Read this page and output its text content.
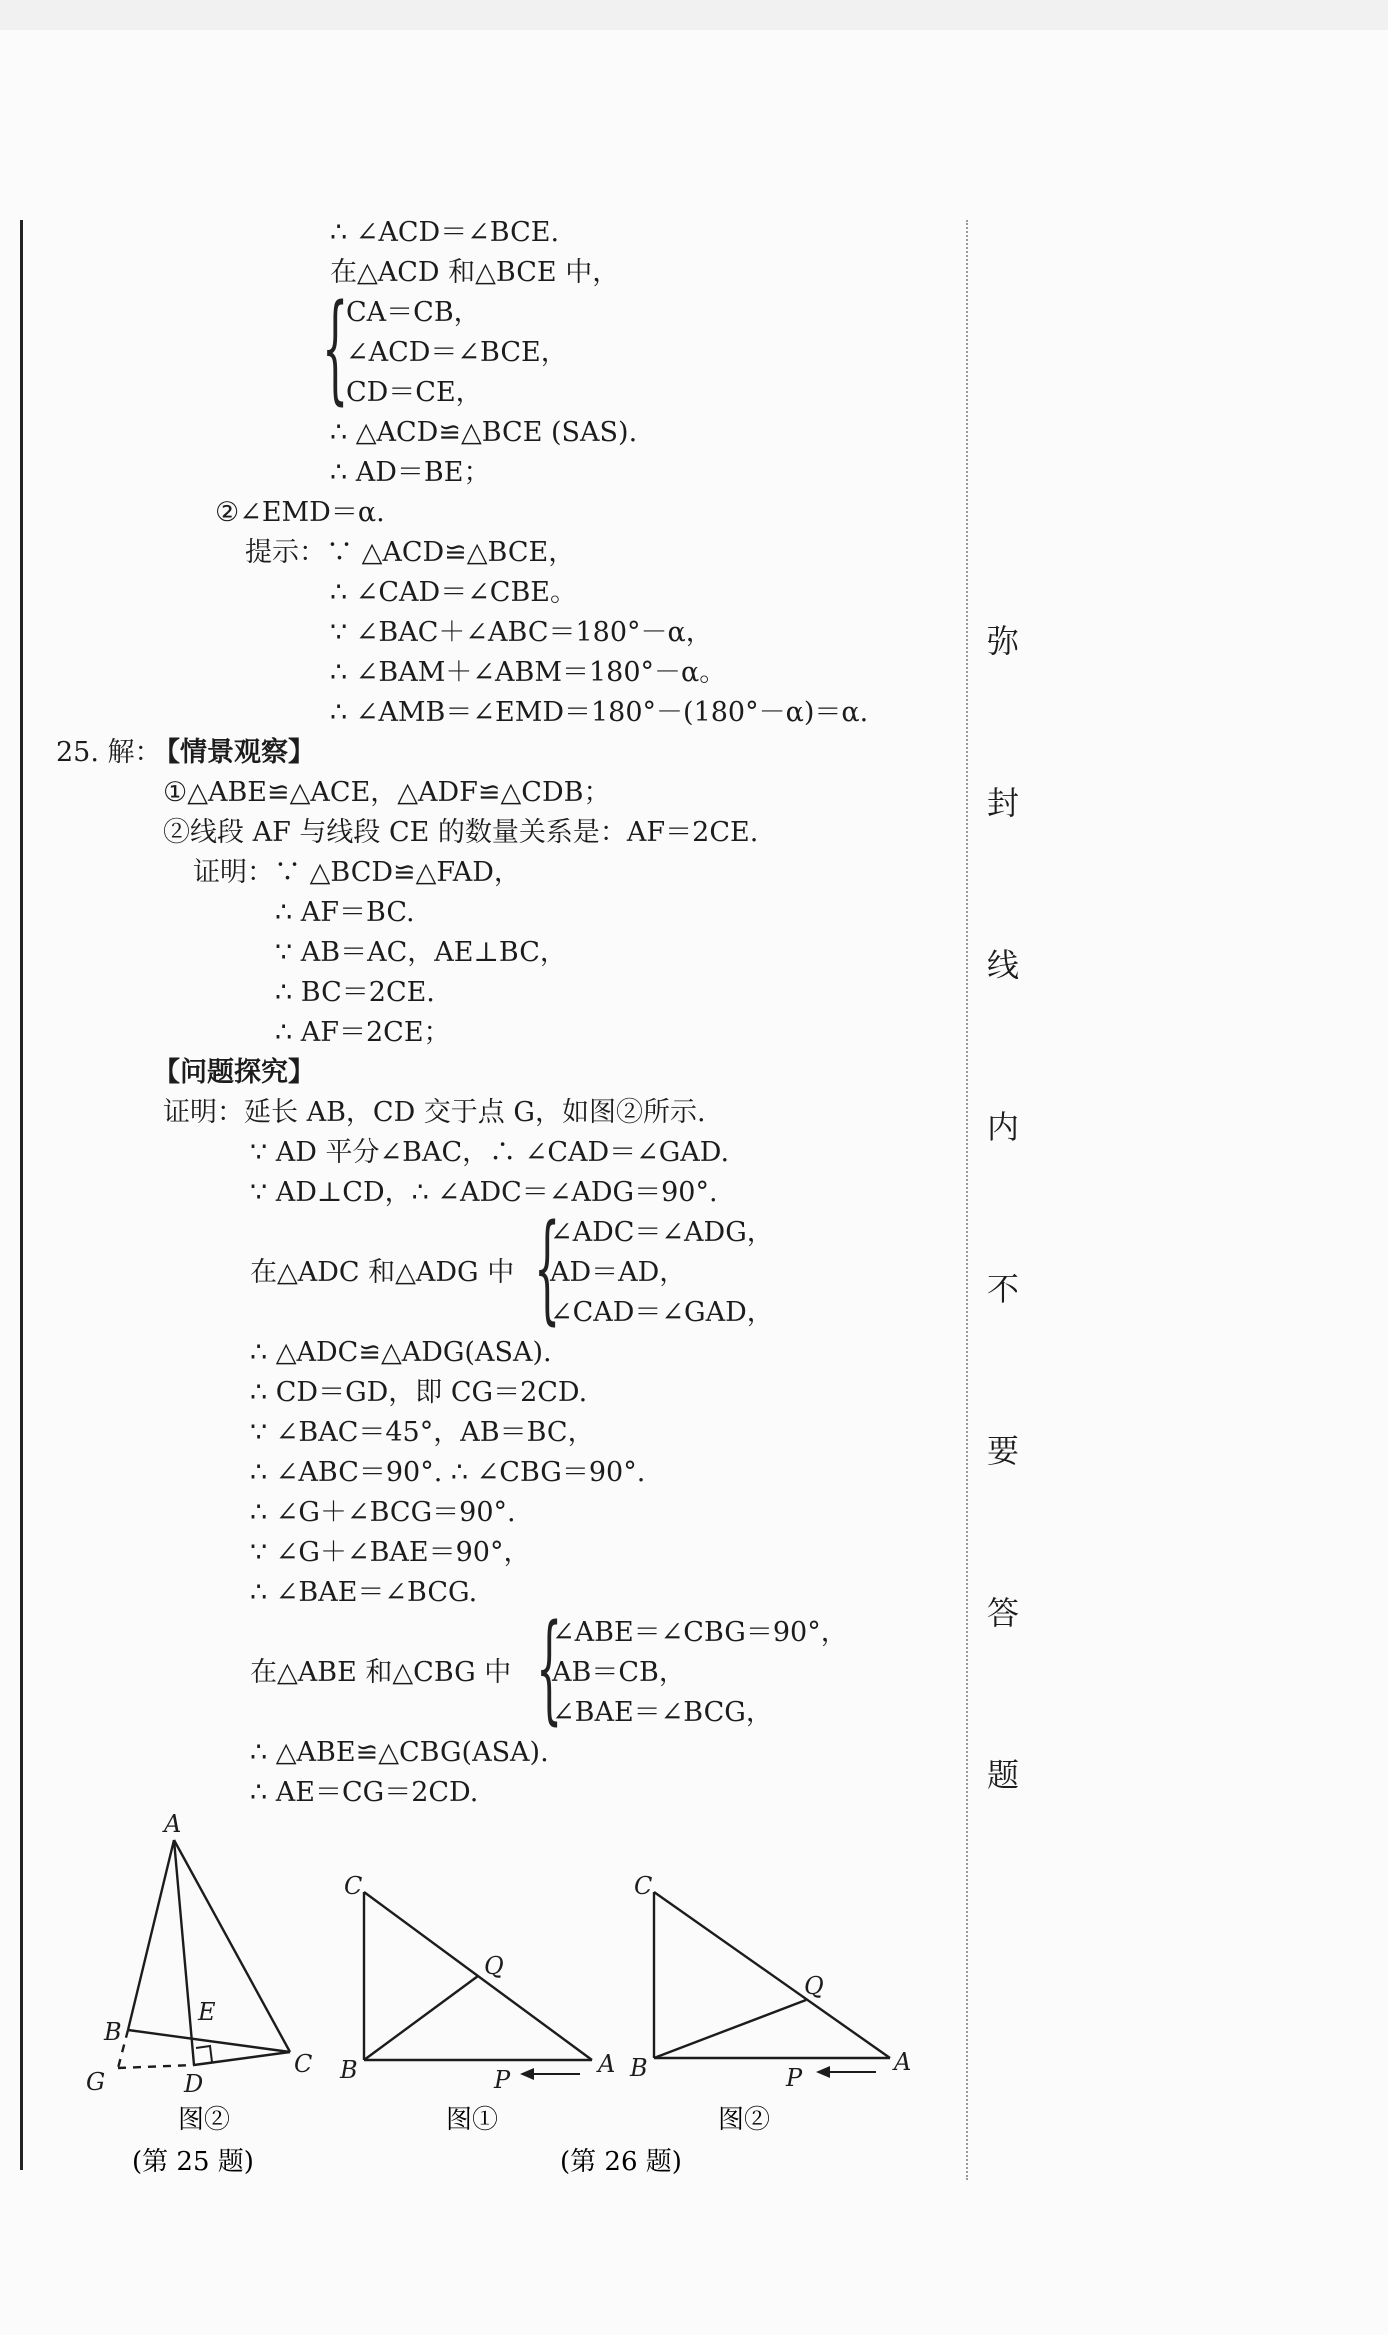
∴ ∠ACD＝∠BCE.
在△ACD 和△BCE 中，
{
CA＝CB，
∠ACD＝∠BCE，
CD＝CE，
∴ △ACD≌△BCE (SAS).
∴ AD＝BE；
②∠EMD＝α.
提示：∵ △ACD≌△BCE，
∴ ∠CAD＝∠CBE。
∵ ∠BAC＋∠ABC＝180°－α，
∴ ∠BAM＋∠ABM＝180°－α。
∴ ∠AMB＝∠EMD＝180°－(180°－α)＝α.
25. 解：
【情景观察】
①△ABE≌△ACE，△ADF≌△CDB；
②线段 AF 与线段 CE 的数量关系是：AF＝2CE.
证明：∵ △BCD≌△FAD，
∴ AF＝BC.
∵ AB＝AC，AE⊥BC，
∴ BC＝2CE.
∴ AF＝2CE；
【问题探究】
证明：延长 AB，CD 交于点 G，如图②所示.
∵ AD 平分∠BAC，∴ ∠CAD＝∠GAD.
∵ AD⊥CD，∴ ∠ADC＝∠ADG＝90°.
{
∠ADC＝∠ADG，
在△ADC 和△ADG 中 AD＝AD，
∠CAD＝∠GAD，
∴ △ADC≌△ADG(ASA).
∴ CD＝GD，即 CG＝2CD.
∵ ∠BAC＝45°，AB＝BC，
∴ ∠ABC＝90°. ∴ ∠CBG＝90°.
∴ ∠G＋∠BCG＝90°.
∵ ∠G＋∠BAE＝90°，
∴ ∠BAE＝∠BCG.
{
∠ABE＝∠CBG＝90°，
在△ABE 和△CBG 中 AB＝CB，
∠BAE＝∠BCG，
∴ △ABE≌△CBG(ASA).
∴ AE＝CG＝2CD.
弥
封
线
内
不
要
答
题
A
B
C
D
E
G
图②
(第 25 题)
C
Q
B	P
A
图①
C
Q
B	P
A
图②
(第 26 题)
